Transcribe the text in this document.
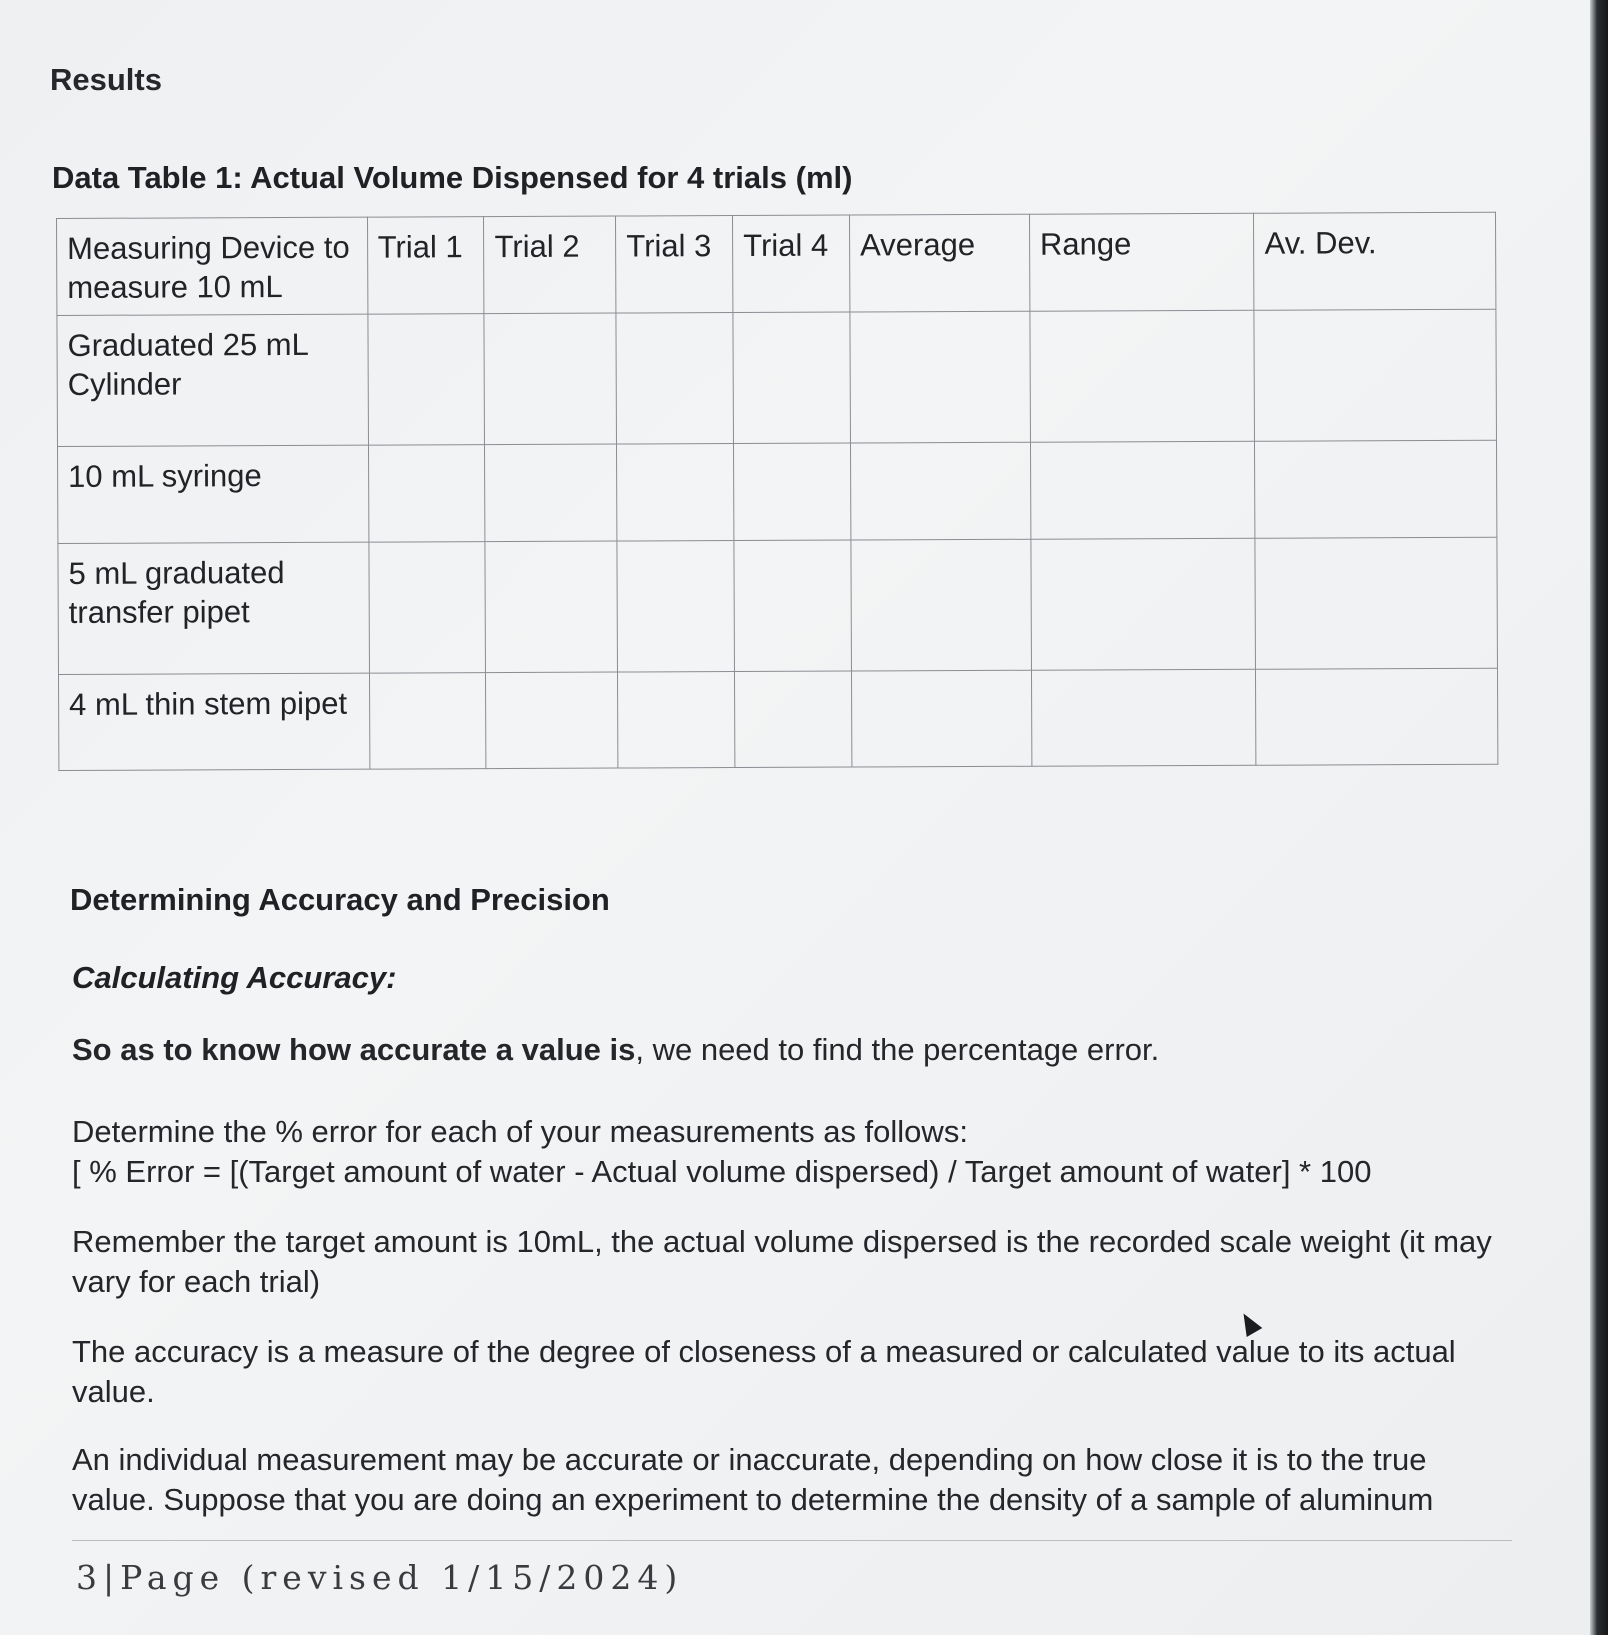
Results
Data Table 1: Actual Volume Dispensed for 4 trials (ml)
Measuring Device to measure 10 mL	Trial 1	Trial 2	Trial 3	Trial 4	Average	Range	Av. Dev.
Graduated 25 mL Cylinder							
10 mL syringe							
5 mL graduated transfer pipet							
4 mL thin stem pipet							
Determining Accuracy and Precision
Calculating Accuracy:

So as to know how accurate a value is, we need to find the percentage error.

Determine the % error for each of your measurements as follows:
[ % Error = [(Target amount of water - Actual volume dispersed) / Target amount of water] * 100

Remember the target amount is 10mL, the actual volume dispersed is the recorded scale weight (it may vary for each trial)

The accuracy is a measure of the degree of closeness of a measured or calculated value to its actual value.

An individual measurement may be accurate or inaccurate, depending on how close it is to the true value. Suppose that you are doing an experiment to determine the density of a sample of aluminum

3|Page (revised 1/15/2024)
